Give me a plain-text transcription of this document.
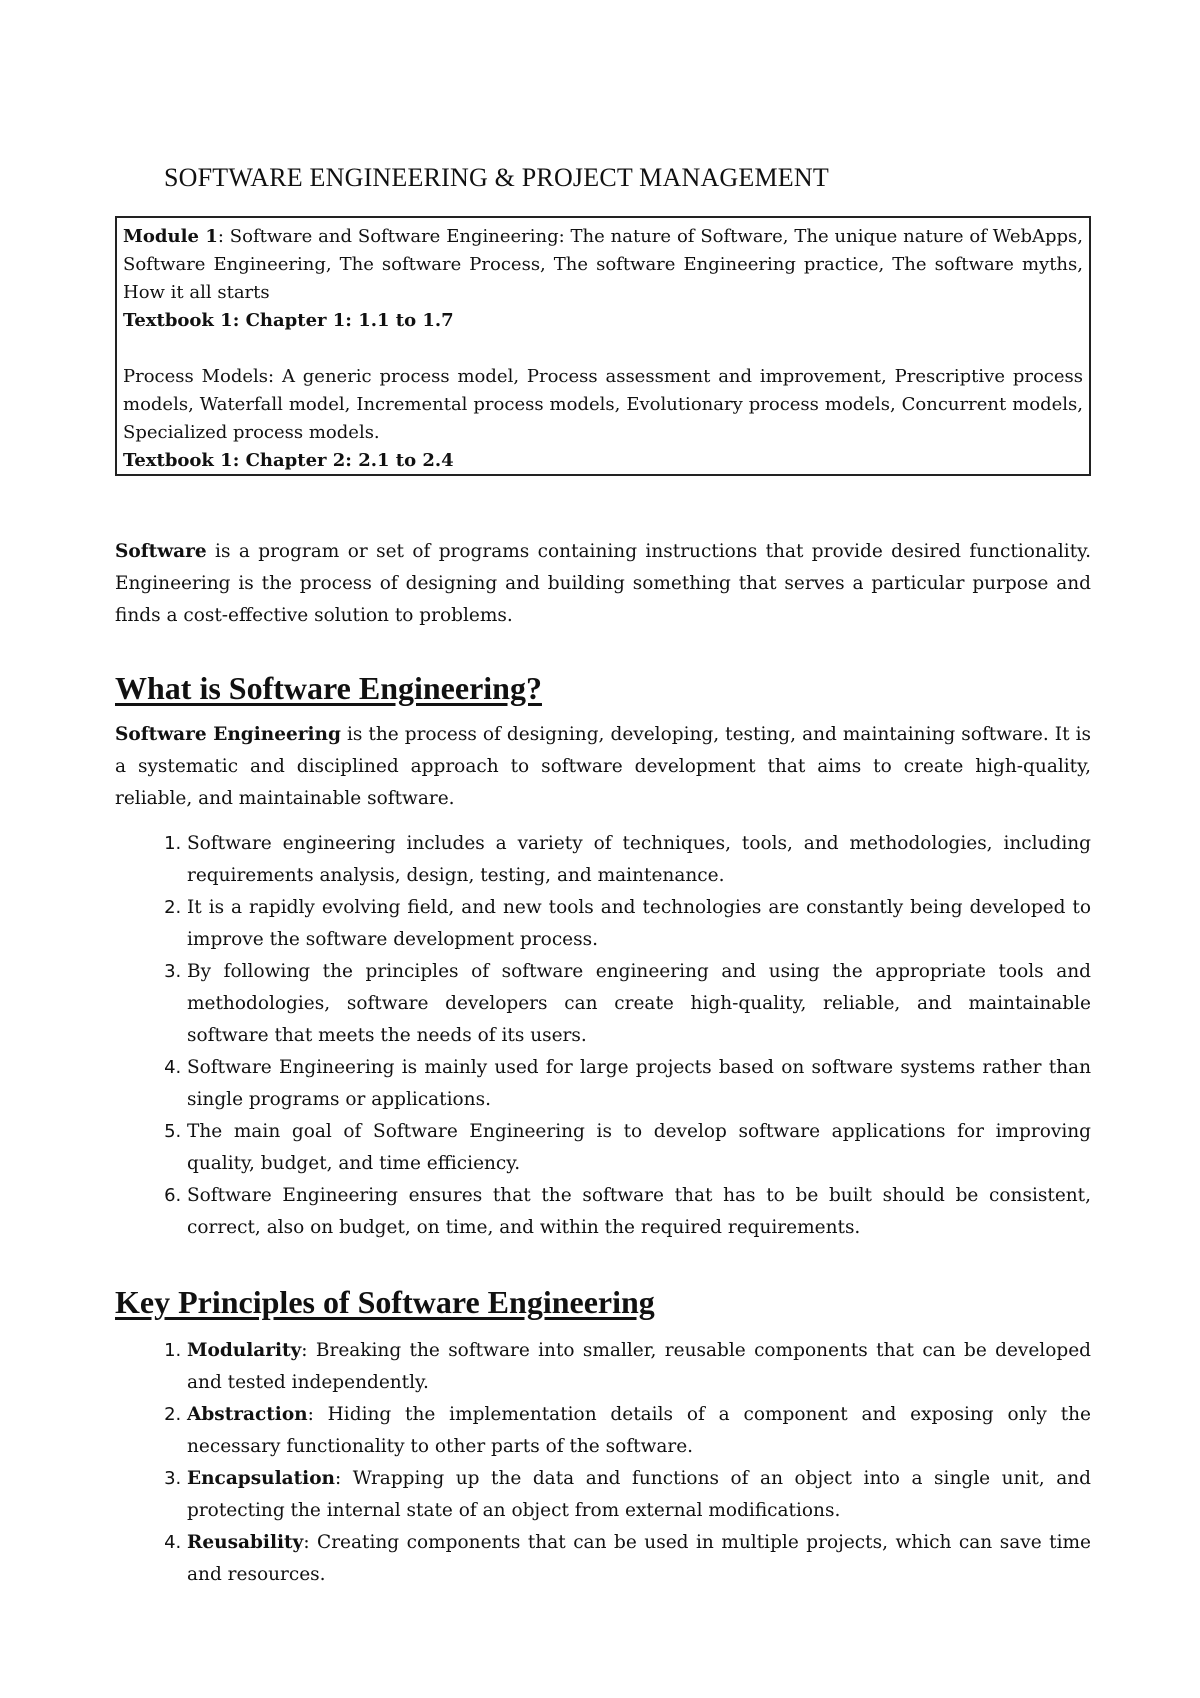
SOFTWARE ENGINEERING & PROJECT MANAGEMENT

Module 1: Software and Software Engineering: The nature of Software, The unique nature of WebApps, Software Engineering, The software Process, The software Engineering practice, The software myths, How it all starts

Textbook 1: Chapter 1: 1.1 to 1.7

Process Models: A generic process model, Process assessment and improvement, Prescriptive process models, Waterfall model, Incremental process models, Evolutionary process models, Concurrent models, Specialized process models.

Textbook 1: Chapter 2: 2.1 to 2.4

Software is a program or set of programs containing instructions that provide desired functionality. Engineering is the process of designing and building something that serves a particular purpose and finds a cost-effective solution to problems.

What is Software Engineering?

Software Engineering is the process of designing, developing, testing, and maintaining software. It is a systematic and disciplined approach to software development that aims to create high-quality, reliable, and maintainable software.

1. Software engineering includes a variety of techniques, tools, and methodologies, including requirements analysis, design, testing, and maintenance.
2. It is a rapidly evolving field, and new tools and technologies are constantly being developed to improve the software development process.
3. By following the principles of software engineering and using the appropriate tools and methodologies, software developers can create high-quality, reliable, and maintainable software that meets the needs of its users.
4. Software Engineering is mainly used for large projects based on software systems rather than single programs or applications.
5. The main goal of Software Engineering is to develop software applications for improving quality, budget, and time efficiency.
6. Software Engineering ensures that the software that has to be built should be consistent, correct, also on budget, on time, and within the required requirements.
Key Principles of Software Engineering
1. Modularity: Breaking the software into smaller, reusable components that can be developed and tested independently.
2. Abstraction: Hiding the implementation details of a component and exposing only the necessary functionality to other parts of the software.
3. Encapsulation: Wrapping up the data and functions of an object into a single unit, and protecting the internal state of an object from external modifications.
4. Reusability: Creating components that can be used in multiple projects, which can save time and resources.
